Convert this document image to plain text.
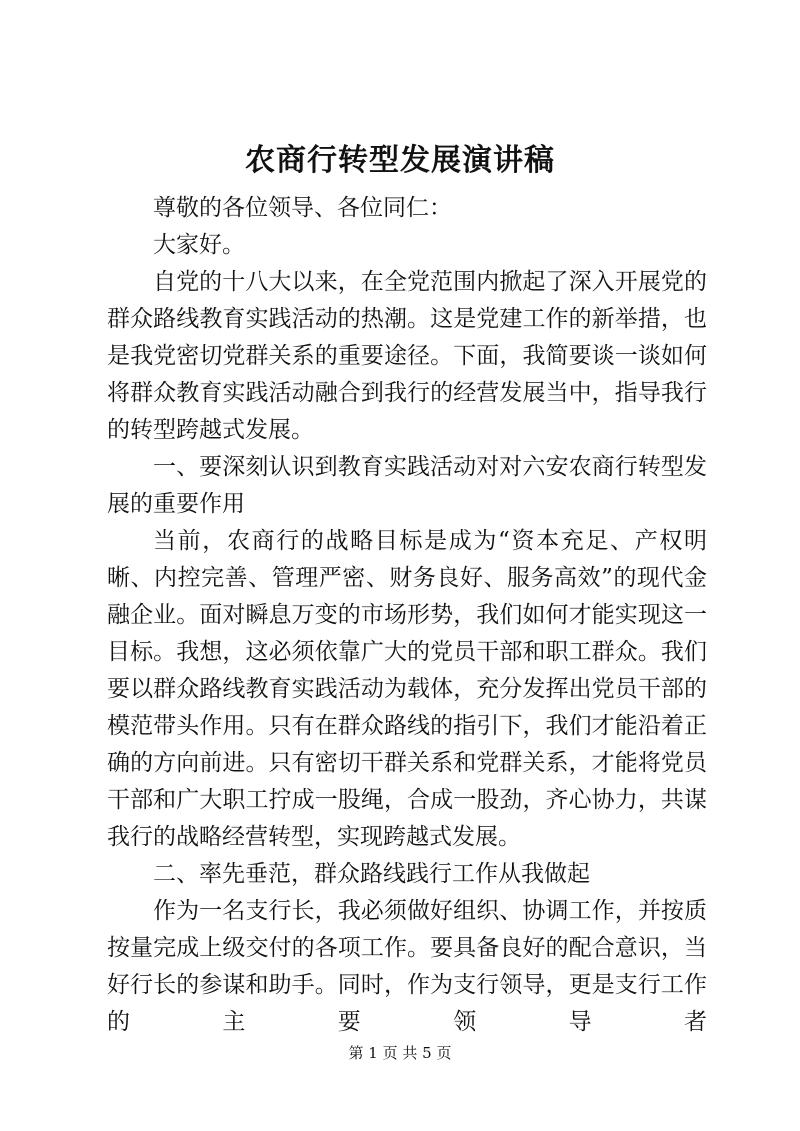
农商行转型发展演讲稿

尊敬的各位领导、各位同仁：

大家好。

自党的十八大以来，在全党范围内掀起了深入开展党的群众路线教育实践活动的热潮。这是党建工作的新举措，也是我党密切党群关系的重要途径。下面，我简要谈一谈如何将群众教育实践活动融合到我行的经营发展当中，指导我行的转型跨越式发展。

一、要深刻认识到教育实践活动对对六安农商行转型发展的重要作用

当前，农商行的战略目标是成为“资本充足、产权明晰、内控完善、管理严密、财务良好、服务高效”的现代金融企业。面对瞬息万变的市场形势，我们如何才能实现这一目标。我想，这必须依靠广大的党员干部和职工群众。我们要以群众路线教育实践活动为载体，充分发挥出党员干部的模范带头作用。只有在群众路线的指引下，我们才能沿着正确的方向前进。只有密切干群关系和党群关系，才能将党员干部和广大职工拧成一股绳，合成一股劲，齐心协力，共谋我行的战略经营转型，实现跨越式发展。

二、率先垂范，群众路线践行工作从我做起

作为一名支行长，我必须做好组织、协调工作，并按质按量完成上级交付的各项工作。要具备良好的配合意识，当好行长的参谋和助手。同时，作为支行领导，更是支行工作的主要领导者

第 1 页 共 5 页
